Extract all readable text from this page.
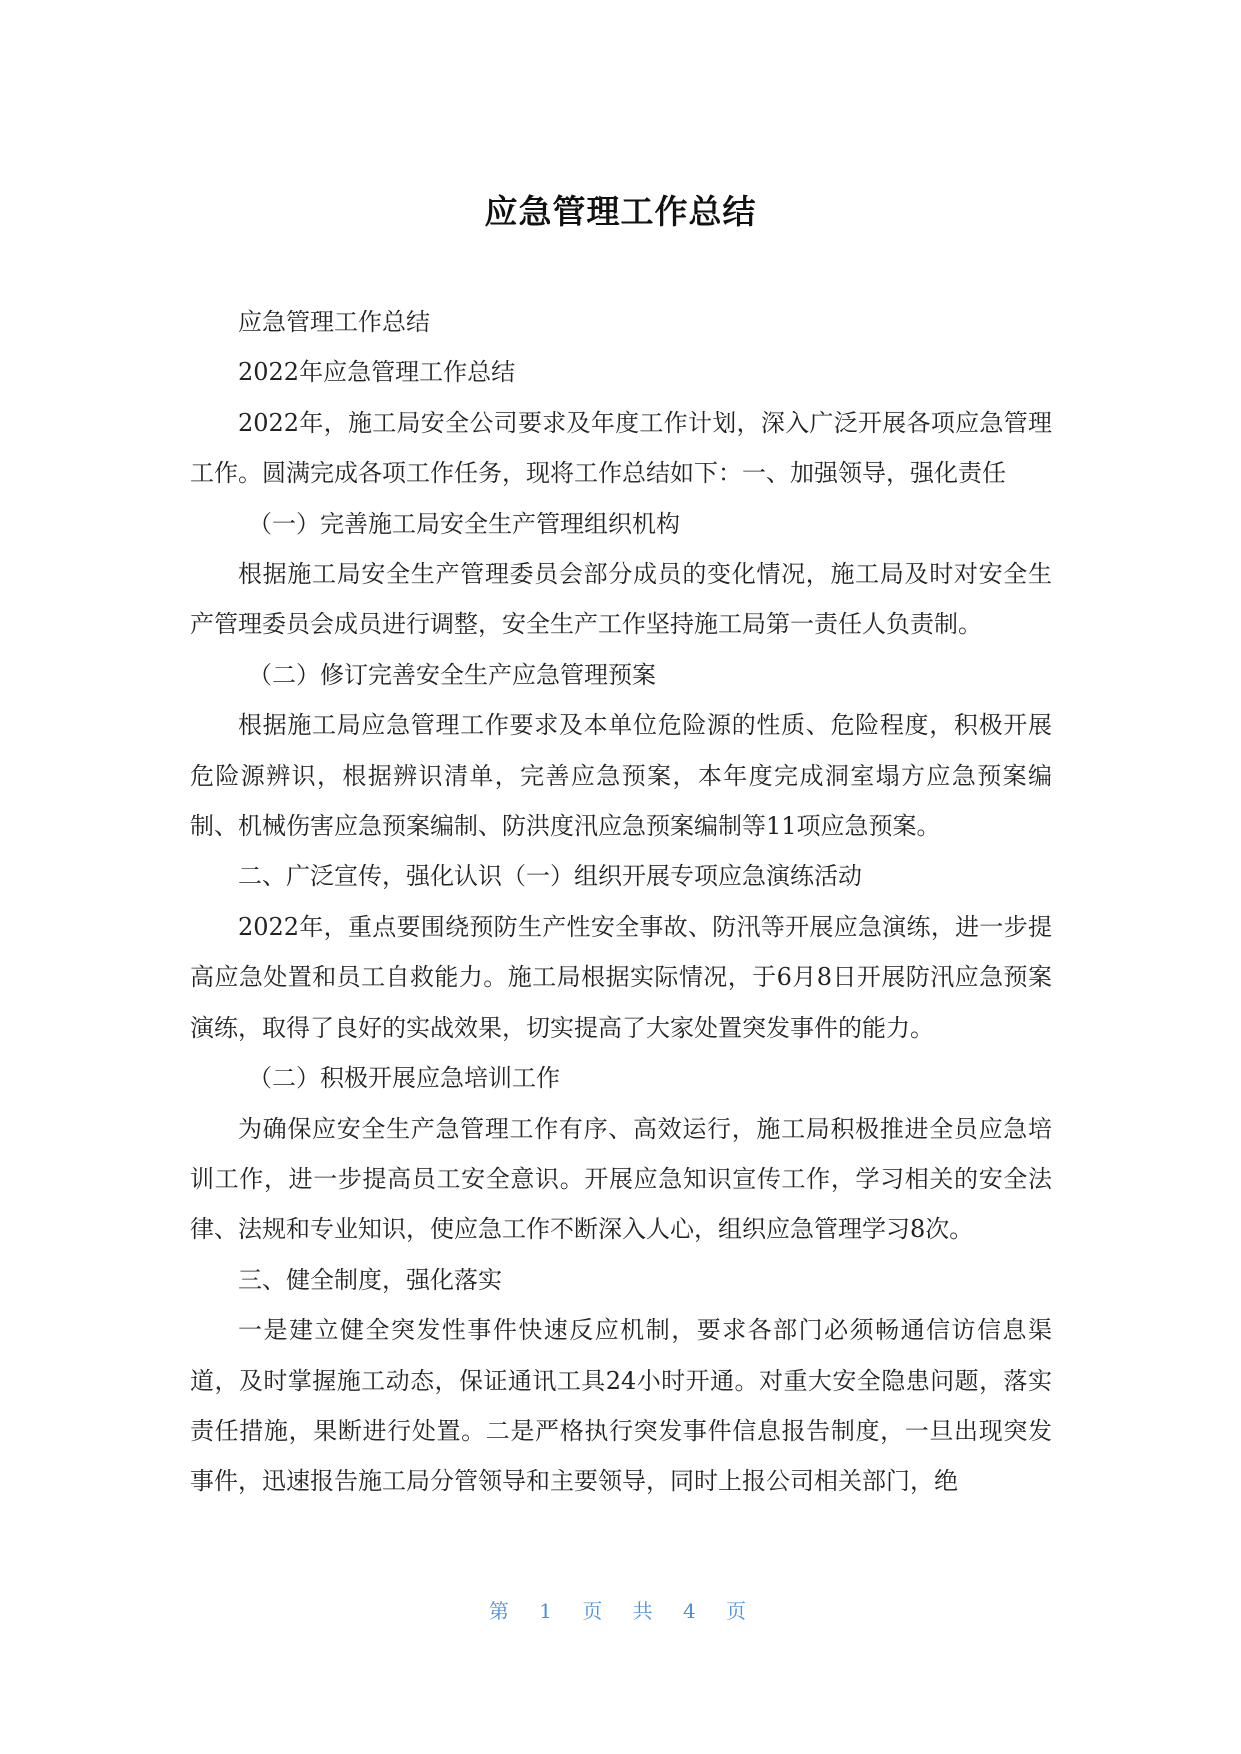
应急管理工作总结

应急管理工作总结

2022年应急管理工作总结

2022年，施工局安全公司要求及年度工作计划，深入广泛开展各项应急管理工作。圆满完成各项工作任务，现将工作总结如下：一、加强领导，强化责任

（一）完善施工局安全生产管理组织机构

根据施工局安全生产管理委员会部分成员的变化情况，施工局及时对安全生产管理委员会成员进行调整，安全生产工作坚持施工局第一责任人负责制。

（二）修订完善安全生产应急管理预案

根据施工局应急管理工作要求及本单位危险源的性质、危险程度，积极开展危险源辨识，根据辨识清单，完善应急预案，本年度完成洞室塌方应急预案编制、机械伤害应急预案编制、防洪度汛应急预案编制等11项应急预案。

二、广泛宣传，强化认识（一）组织开展专项应急演练活动

2022年，重点要围绕预防生产性安全事故、防汛等开展应急演练，进一步提高应急处置和员工自救能力。施工局根据实际情况，于6月8日开展防汛应急预案演练，取得了良好的实战效果，切实提高了大家处置突发事件的能力。

（二）积极开展应急培训工作

为确保应安全生产急管理工作有序、高效运行，施工局积极推进全员应急培训工作，进一步提高员工安全意识。开展应急知识宣传工作，学习相关的安全法律、法规和专业知识，使应急工作不断深入人心，组织应急管理学习8次。

三、健全制度，强化落实

一是建立健全突发性事件快速反应机制，要求各部门必须畅通信访信息渠道，及时掌握施工动态，保证通讯工具24小时开通。对重大安全隐患问题，落实责任措施，果断进行处置。二是严格执行突发事件信息报告制度，一旦出现突发事件，迅速报告施工局分管领导和主要领导，同时上报公司相关部门，绝

第 1 页 共 4 页
